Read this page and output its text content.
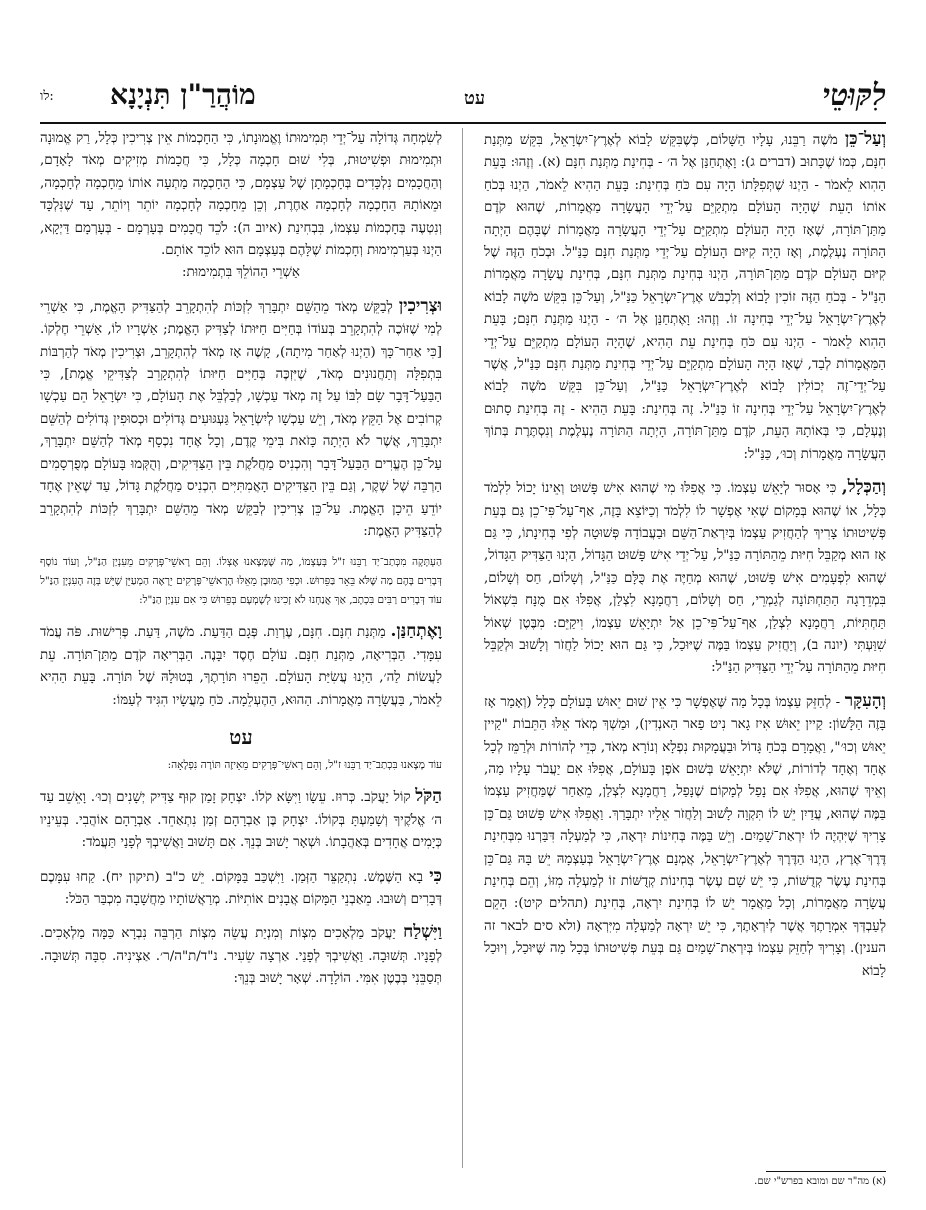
לִקּוּטֵי
עט
מוֹהֲרַ"ן תִּנְיָנָא
לו:

וְעַל־כֵּן מֹשֶׁה רַבֵּנוּ, עָלָיו הַשָּׁלוֹם, כְּשֶׁבִּקֵּשׁ לָבוֹא לְאֶרֶץ־יִשְׂרָאֵל, בִּקֵּשׁ מַתְּנַת חִנָּם, כְּמוֹ שֶׁכָּתוּב (דברים ג): וָאֶתְחַנַּן אֶל ה׳ - בְּחִינַת מַתְּנַת חִנָּם (א). וְזֶהוּ: בָּעֵת הַהִוא לֵאמֹר - הַיְנוּ שֶׁתְּפִלָּתוֹ הָיָה עִם כֹּחַ בְּחִינַת: בָּעֵת הַהִיא לֵאמֹר, הַיְנוּ בְּכֹחַ אוֹתוֹ הָעֵת שֶׁהָיָה הָעוֹלָם מִתְקַיֵּם עַל־יְדֵי הָעֲשָׂרָה מַאֲמָרוֹת, שֶׁהוּא קֹדֶם מַתַּן־תּוֹרָה, שֶׁאָז הָיָה הָעוֹלָם מִתְקַיֵּם עַל־יְדֵי הָעֲשָׂרָה מַאֲמָרוֹת שֶׁבָּהֶם הָיְתָה הַתּוֹרָה נֶעְלֶמֶת, וְאָז הָיָה קִיּוּם הָעוֹלָם עַל־יְדֵי מַתְּנַת חִנָּם כַּנַּ"ל. וּבְכֹחַ הַזֶּה שֶׁל קִיּוּם הָעוֹלָם קֹדֶם מַתַּן־תּוֹרָה, הַיְנוּ בְּחִינַת מַתְּנַת חִנָּם, בְּחִינַת עֲשָׂרָה מַאֲמָרוֹת הַנַּ"ל - בְּכֹחַ הַזֶּה זוֹכִין לָבוֹא וְלִכְבֹּשׁ אֶרֶץ־יִשְׂרָאֵל כַּנַּ"ל, וְעַל־כֵּן בִּקֵּשׁ מֹשֶׁה לָבוֹא לְאֶרֶץ־יִשְׂרָאֵל עַל־יְדֵי בְּחִינָה זוֹ. וְזֶהוּ: וָאֶתְחַנַּן אֶל ה׳ - הַיְנוּ מַתְּנַת חִנָּם; בָּעֵת הַהִוא לֵאמֹר - הַיְנוּ עִם כֹּחַ בְּחִינַת עֵת הַהִיא, שֶׁהָיָה הָעוֹלָם מִתְקַיֵּם עַל־יְדֵי הַמַּאֲמָרוֹת לְבַד, שֶׁאָז הָיָה הָעוֹלָם מִתְקַיֵּם עַל־יְדֵי בְּחִינַת מַתְּנַת חִנָּם כַּנַּ"ל, אֲשֶׁר עַל־יְדֵי־זֶה יְכוֹלִין לָבוֹא לְאֶרֶץ־יִשְׂרָאֵל כַּנַּ"ל, וְעַל־כֵּן בִּקֵּשׁ מֹשֶׁה לָבוֹא לְאֶרֶץ־יִשְׂרָאֵל עַל־יְדֵי בְּחִינָה זוֹ כַּנַּ"ל. זֶה בְּחִינַת: בָּעֵת הַהִיא - זֶה בְּחִינַת סָתוּם וְנֶעְלָם, כִּי בְּאוֹתָהּ הָעֵת, קֹדֶם מַתַּן־תּוֹרָה, הָיְתָה הַתּוֹרָה נֶעְלֶמֶת וְנִסְתֶּרֶת בְּתוֹךְ הָעֲשָׂרָה מַאֲמָרוֹת וְכוּ׳, כַּנַּ"ל:

וְהַכְּלָל, כִּי אָסוּר לְיָאֵשׁ עַצְמוֹ. כִּי אֲפִלּוּ מִי שֶׁהוּא אִישׁ פָּשׁוּט וְאֵינוֹ יָכוֹל לִלְמֹד כְּלָל, אוֹ שֶׁהוּא בְּמָקוֹם שֶׁאִי אֶפְשָׁר לוֹ לִלְמֹד וְכַיּוֹצֵא בָּזֶה, אַף־עַל־פִּי־כֵן גַּם בְּעֵת פְּשִׁיטוּתוֹ צָרִיךְ לְהַחֲזִיק עַצְמוֹ בְּיִרְאַת־הַשֵּׁם וּבַעֲבוֹדָה פְּשׁוּטָה לְפִי בְּחִינָתוֹ, כִּי גַּם אָז הוּא מְקַבֵּל חִיּוּת מֵהַתּוֹרָה כַּנַּ"ל, עַל־יְדֵי אִישׁ פָּשׁוּט הַגָּדוֹל, הַיְנוּ הַצַּדִּיק הַגָּדוֹל, שֶׁהוּא לִפְעָמִים אִישׁ פָּשׁוּט, שֶׁהוּא מְחַיֶּה אֶת כֻּלָּם כַּנַּ"ל, וְשָׁלוֹם, חַס וְשָׁלוֹם, בִּמְדֵרָגָה הַתַּחְתּוֹנָה לְגַמְרֵי, חַס וְשָׁלוֹם, רַחֲמָנָא לִצְלַן, אֲפִלּוּ אִם מֻנָּח בִּשְׁאוֹל תַּחְתִּיּוֹת, רַחֲמָנָא לִצְלַן, אַף־עַל־פִּי־כֵן אַל יִתְיָאֵשׁ עַצְמוֹ, וִיקַיֵּם: מִבֶּטֶן שְׁאוֹל שִׁוַּעְתִּי (יונה ב), וְיַחֲזִיק עַצְמוֹ בַּמֶּה שֶׁיּוּכַל, כִּי גַּם הוּא יָכוֹל לַחֲזֹר וְלָשׁוּב וּלְקַבֵּל חִיּוּת מֵהַתּוֹרָה עַל־יְדֵי הַצַּדִּיק הַנַּ"ל:

וְהָעִקָּר - לְחַזֵּק עַצְמוֹ בְּכָל מַה שֶּׁאֶפְשָׁר כִּי אֵין שׁוּם יֵאוּשׁ בָּעוֹלָם כְּלָל (וְאָמַר אָז בָּזֶה הַלָּשׁוֹן: קַיין יֵאוּשׁ אִיז גָאר נִיט פַאר הַאנְדִין), וּמַשְׁךְ מְאֹד אֵלּוּ הַתֵּבוֹת "קַיין יֵאוּשׁ וְכוּ׳", וַאֲמָרָם בְּכֹחַ גָּדוֹל וּבַעֲמָקוּת נִפְלָא וְנוֹרָא מְאֹד, כְּדֵי לְהוֹרוֹת וּלְרַמֵּז לְכָל אֶחָד וְאֶחָד לְדוֹרוֹת, שֶׁלֹּא יִתְיָאֵשׁ בְּשׁוּם אֹפֶן בָּעוֹלָם, אֲפִלּוּ אִם יַעֲבֹר עָלָיו מַה, וְאֵיךְ שֶׁהוּא, אֲפִלּוּ אִם נָפַל לְמָקוֹם שֶׁנָּפַל, רַחֲמָנָא לִצְלַן, מֵאַחַר שֶׁמַּחֲזִיק עַצְמוֹ בַּמֶּה שֶׁהוּא, עֲדַיִן יֵשׁ לוֹ תִּקְוָה לָשׁוּב וְלַחֲזֹר אֵלָיו יִתְבָּרַךְ. וַאֲפִלּוּ אִישׁ פָּשׁוּט גַּם־כֵּן צָרִיךְ שֶׁיִּהְיֶה לוֹ יִרְאַת־שָׁמַיִם. וְיֵשׁ בַּמֶּה בְּחִינוֹת יִרְאָה, כִּי לְמַעְלָה דִּבַּרְנוּ מִבְּחִינַת דֶּרֶךְ־אֶרֶץ, הַיְנוּ הַדֶּרֶךְ לְאֶרֶץ־יִשְׂרָאֵל, אֲמְנָם אֶרֶץ־יִשְׂרָאֵל בְּעַצְמָהּ יֵשׁ בָּהּ גַּם־כֵּן בְּחִינַת עֶשֶׂר קְדֻשּׁוֹת, כִּי יֵשׁ שָׁם עֶשֶׂר בְּחִינוֹת קְדֻשּׁוֹת זוֹ לְמַעְלָה מִזּוֹ, וְהֵם בְּחִינַת עֲשָׂרָה מַאֲמָרוֹת, וְכָל מַאֲמָר יֵשׁ לוֹ בְּחִינַת יִרְאָה, בְּחִינַת (תהלים קיט): הָקֵם לְעַבְדְּךָ אִמְרָתֶךָ אֲשֶׁר לְיִרְאָתֶךָ, כִּי יֵשׁ יִרְאָה לְמַעְלָה מִיִּרְאָה (ולא סים לבאר זה הענין). וְצָרִיךְ לְחַזֵּק עַצְמוֹ בְּיִרְאַת־שָׁמַיִם גַּם בְּעֵת פְּשִׁיטוּתוֹ בְּכָל מַה שֶּׁיּוּכַל, וְיוּכַל לָבוֹא

לְשִׂמְחָה גְּדוֹלָה עַל־יְדֵי תְּמִימוּתוֹ וֶאֱמוּנָתוֹ, כִּי הַחָכְמוֹת אֵין צְרִיכִין כְּלָל, רַק אֱמוּנָה וּתְמִימוּת וּפְשִׁיטוּת, בְּלִי שׁוּם חָכְמָה כְּלָל, כִּי חֲכָמוֹת מְזִיקִים מְאֹד לָאָדָם, וְהַחֲכָמִים נִלְכָּדִים בְּחָכְמָתָן שֶׁל עַצְמָם, כִּי הַחָכְמָה מַתְעָה אוֹתוֹ מֵחָכְמָה לְחָכְמָה, וּמֵאוֹתָהּ הַחָכְמָה לְחָכְמָה אַחֶרֶת, וְכֵן מֵחָכְמָה לְחָכְמָה יוֹתֵר וְיוֹתֵר, עַד שֶׁנִּלְכָּד וְנִטְעֶה בְּחָכְמוֹת עַצְמוֹ, בִּבְחִינַת (איוב ה): לֹכֵד חֲכָמִים בְּעָרְמָם - בְּעָרְמָם דַּיְקָא, הַיְנוּ בְּעַרְמִימוּת וְחָכְמוֹת שֶׁלָּהֶם בְּעַצְמָם הוּא לוֹכֵד אוֹתָם.
אַשְׁרֵי הַהוֹלֵךְ בִּתְמִימוּת:

וּצְרִיכִין לְבַקֵּשׁ מְאֹד מֵהַשֵּׁם יִתְבָּרַךְ לִזְכּוֹת לְהִתְקָרֵב לְהַצַּדִּיק הָאֱמֶת, כִּי אַשְׁרֵי לְמִי שֶׁזּוֹכֶה לְהִתְקָרֵב בְּעוֹדוֹ בְּחַיִּים חַיּוּתוֹ לְצַדִּיק הָאֱמֶת; אַשְׁרָיו לוֹ, אַשְׁרֵי חֶלְקוֹ. [כִּי אַחַר־כָּךְ (הַיְנוּ לְאַחַר מִיתָה), קָשֶׁה אָז מְאֹד לְהִתְקָרֵב, וּצְרִיכִין מְאֹד לְהַרְבּוֹת בִּתְפִלָּה וְתַחֲנוּנִים מְאֹד, שֶׁיִּזְכֶּה בְּחַיִּים חַיּוּתוֹ לְהִתְקָרֵב לְצַדִּיקֵי אֱמֶת], כִּי הַבַּעַל־דָּבָר שָׂם לִבּוֹ עַל זֶה מְאֹד עַכְשָׁו, לְבַלְבֵּל אֶת הָעוֹלָם, כִּי יִשְׂרָאֵל הֵם עַכְשָׁו קְרוֹבִים אֶל הַקֵּץ מְאֹד, וְיֵשׁ עַכְשָׁו לְיִשְׂרָאֵל גַּעְגּוּעִים גְּדוֹלִים וּכְסוּפִין גְּדוֹלִים לְהַשֵּׁם יִתְבָּרַךְ, אֲשֶׁר לֹא הָיְתָה כָּזֹאת בִּימֵי קֶדֶם, וְכָל אֶחָד נִכְסָף מְאֹד לְהַשֵּׁם יִתְבָּרַךְ, עַל־כֵּן הֶעֱרִים הַבַּעַל־דָּבָר וְהִכְנִיס מַחֲלֹקֶת בֵּין הַצַּדִּיקִים, וְהֻקְּמוּ בָּעוֹלָם מְפֻרְסָמִים הַרְבֵּה שֶׁל שֶׁקֶר, וְגַם בֵּין הַצַּדִּיקִים הָאֲמִתִּיִּים הִכְנִיס מַחֲלֹקֶת גָּדוֹל, עַד שֶׁאֵין אֶחָד יוֹדֵעַ הֵיכָן הָאֱמֶת. עַל־כֵּן צְרִיכִין לְבַקֵּשׁ מְאֹד מֵהַשֵּׁם יִתְבָּרַךְ לִזְכּוֹת לְהִתְקָרֵב לְהַצַּדִּיק הָאֱמֶת:

הַעְתָּקָה מִכְּתַב־יַד רַבֵּנוּ ז"ל בְּעַצְמוֹ, מַה שֶּׁמָּצָאנוּ אֶצְלוֹ. וְהֵם רָאשֵׁי־פְּרָקִים מֵעִנְיַן הַנַּ"ל, וְעוֹד נוֹסָף דְּבָרִים בָּהֶם מַה שֶּׁלֹּא בֵּאֵר בַּפֵּרוּשׁ. וּכְפִי הַמּוּבָן מֵאֵלּוּ הָרָאשֵׁי־פְּרָקִים יֵרָאֶה הַמְעַיֵּן שֶׁיֵּשׁ בְּזֶה הָעִנְיָן הַנַּ"ל עוֹד דְּבָרִים רַבִּים בִּכְתָב, אַךְ אֲנַחְנוּ לֹא זָכִינוּ לְשָׁמְעָם בְּפֵרוּשׁ כִּי אִם עִנְיַן הַנַּ"ל:

וָאֶתְחַנַּן. מַתְּנַת חִנָּם. חִנָּם, עֶרְוַת. פְּגָם הַדַּעַת. מֹשֶׁה, דַּעַת. פְּרִישׁוּת. פֹּה עֲמֹד עִמָּדִי. הַבְּרִיאָה, מַתְּנַת חִנָּם. עוֹלָם חֶסֶד יִבָּנֶה. הַבְּרִיאָה קֹדֶם מַתַּן־תּוֹרָה. עֵת לַעֲשׂוֹת לַה׳, הַיְנוּ עֲשִׂיַּת הָעוֹלָם. הֵפֵרוּ תּוֹרָתֶךָ, בְּטוּלָהּ שֶׁל תּוֹרָה. בָּעֵת הַהִיא לֵאמֹר, בַּעֲשָׂרָה מַאֲמָרוֹת. הַהוּא, הַהֶעְלֵמָה. כֹּחַ מַעֲשָׂיו הִגִּיד לְעַמּוֹ:

עט

עוֹד מָצָאנוּ בִּכְתַב־יַד רַבֵּנוּ ז"ל, וְהֵם רָאשֵׁי־פְּרָקִים מֵאֵיזֶה תּוֹרָה נִפְלָאָה:

הַקֹּל קוֹל יַעֲקֹב. כְּרוּז. עֵשָׂו וַיִּשָּׂא קֹלוֹ. יִצְחָק זָמַן קוּף צַדִּיק יְשָׁנִים וְכוּ׳. וָאֵשֵׁב עַד ה׳ אֱלֹקֶיךָ וְשָׁמַעְתָּ בְּקוֹלוֹ. יִצְחָק בֶּן אַבְרָהָם זְמַן נִתְאַחֵד. אַבְרָהָם אוֹהֲבִי. בְּעֵינֵיו כְּיָמִים אֲחָדִים בְּאַהֲבָתוֹ. וּשְׁאָר יָשׁוּב בְּנֵךְ. אִם תָּשׁוּב וַאֲשִׁיבְךָ לְפָנַי תַּעֲמֹד:

כִּי בָא הַשֶּׁמֶשׁ. נִתְקַצֵּר הַזְּמַן. וַיִּשְׁכַּב בַּמָּקוֹם. יֵשׁ כ"ב (תיקון יח). קַחוּ עִמָּכֶם דְּבָרִים וְשׁוּבוּ. מֵאַבְנֵי הַמָּקוֹם אֲבָנִים אוֹתִיּוֹת. מְרַאֲשׁוֹתָיו מַחֲשָׁבָה מִכְבַּר הַכֹּל:

וַיִּשְׁלַח יַעֲקֹב מַלְאָכִים מִצְוֹת וְמִנְיַת עֲשֵׂה מִצְוֹת הַרְבֵּה נִבְרָא כַּמָּה מַלְאָכִים. לְפָנָיו. תְּשׁוּבָה. וַאֲשִׁיבְךָ לְפָנַי. אַרְצָה שֵׂעִיר. נ"ד/ת"ה/ר׳. אַצְינִיה. סִבָּה תְּשׁוּבָה. תְּסַבֵּנִי בְּבֶטֶן אִמִּי. הוֹלָדָה. שְׁאָר יָשׁוּב בְּנֵךְ:

(א) מה"ר שם ומובא בפרש"י שם.
